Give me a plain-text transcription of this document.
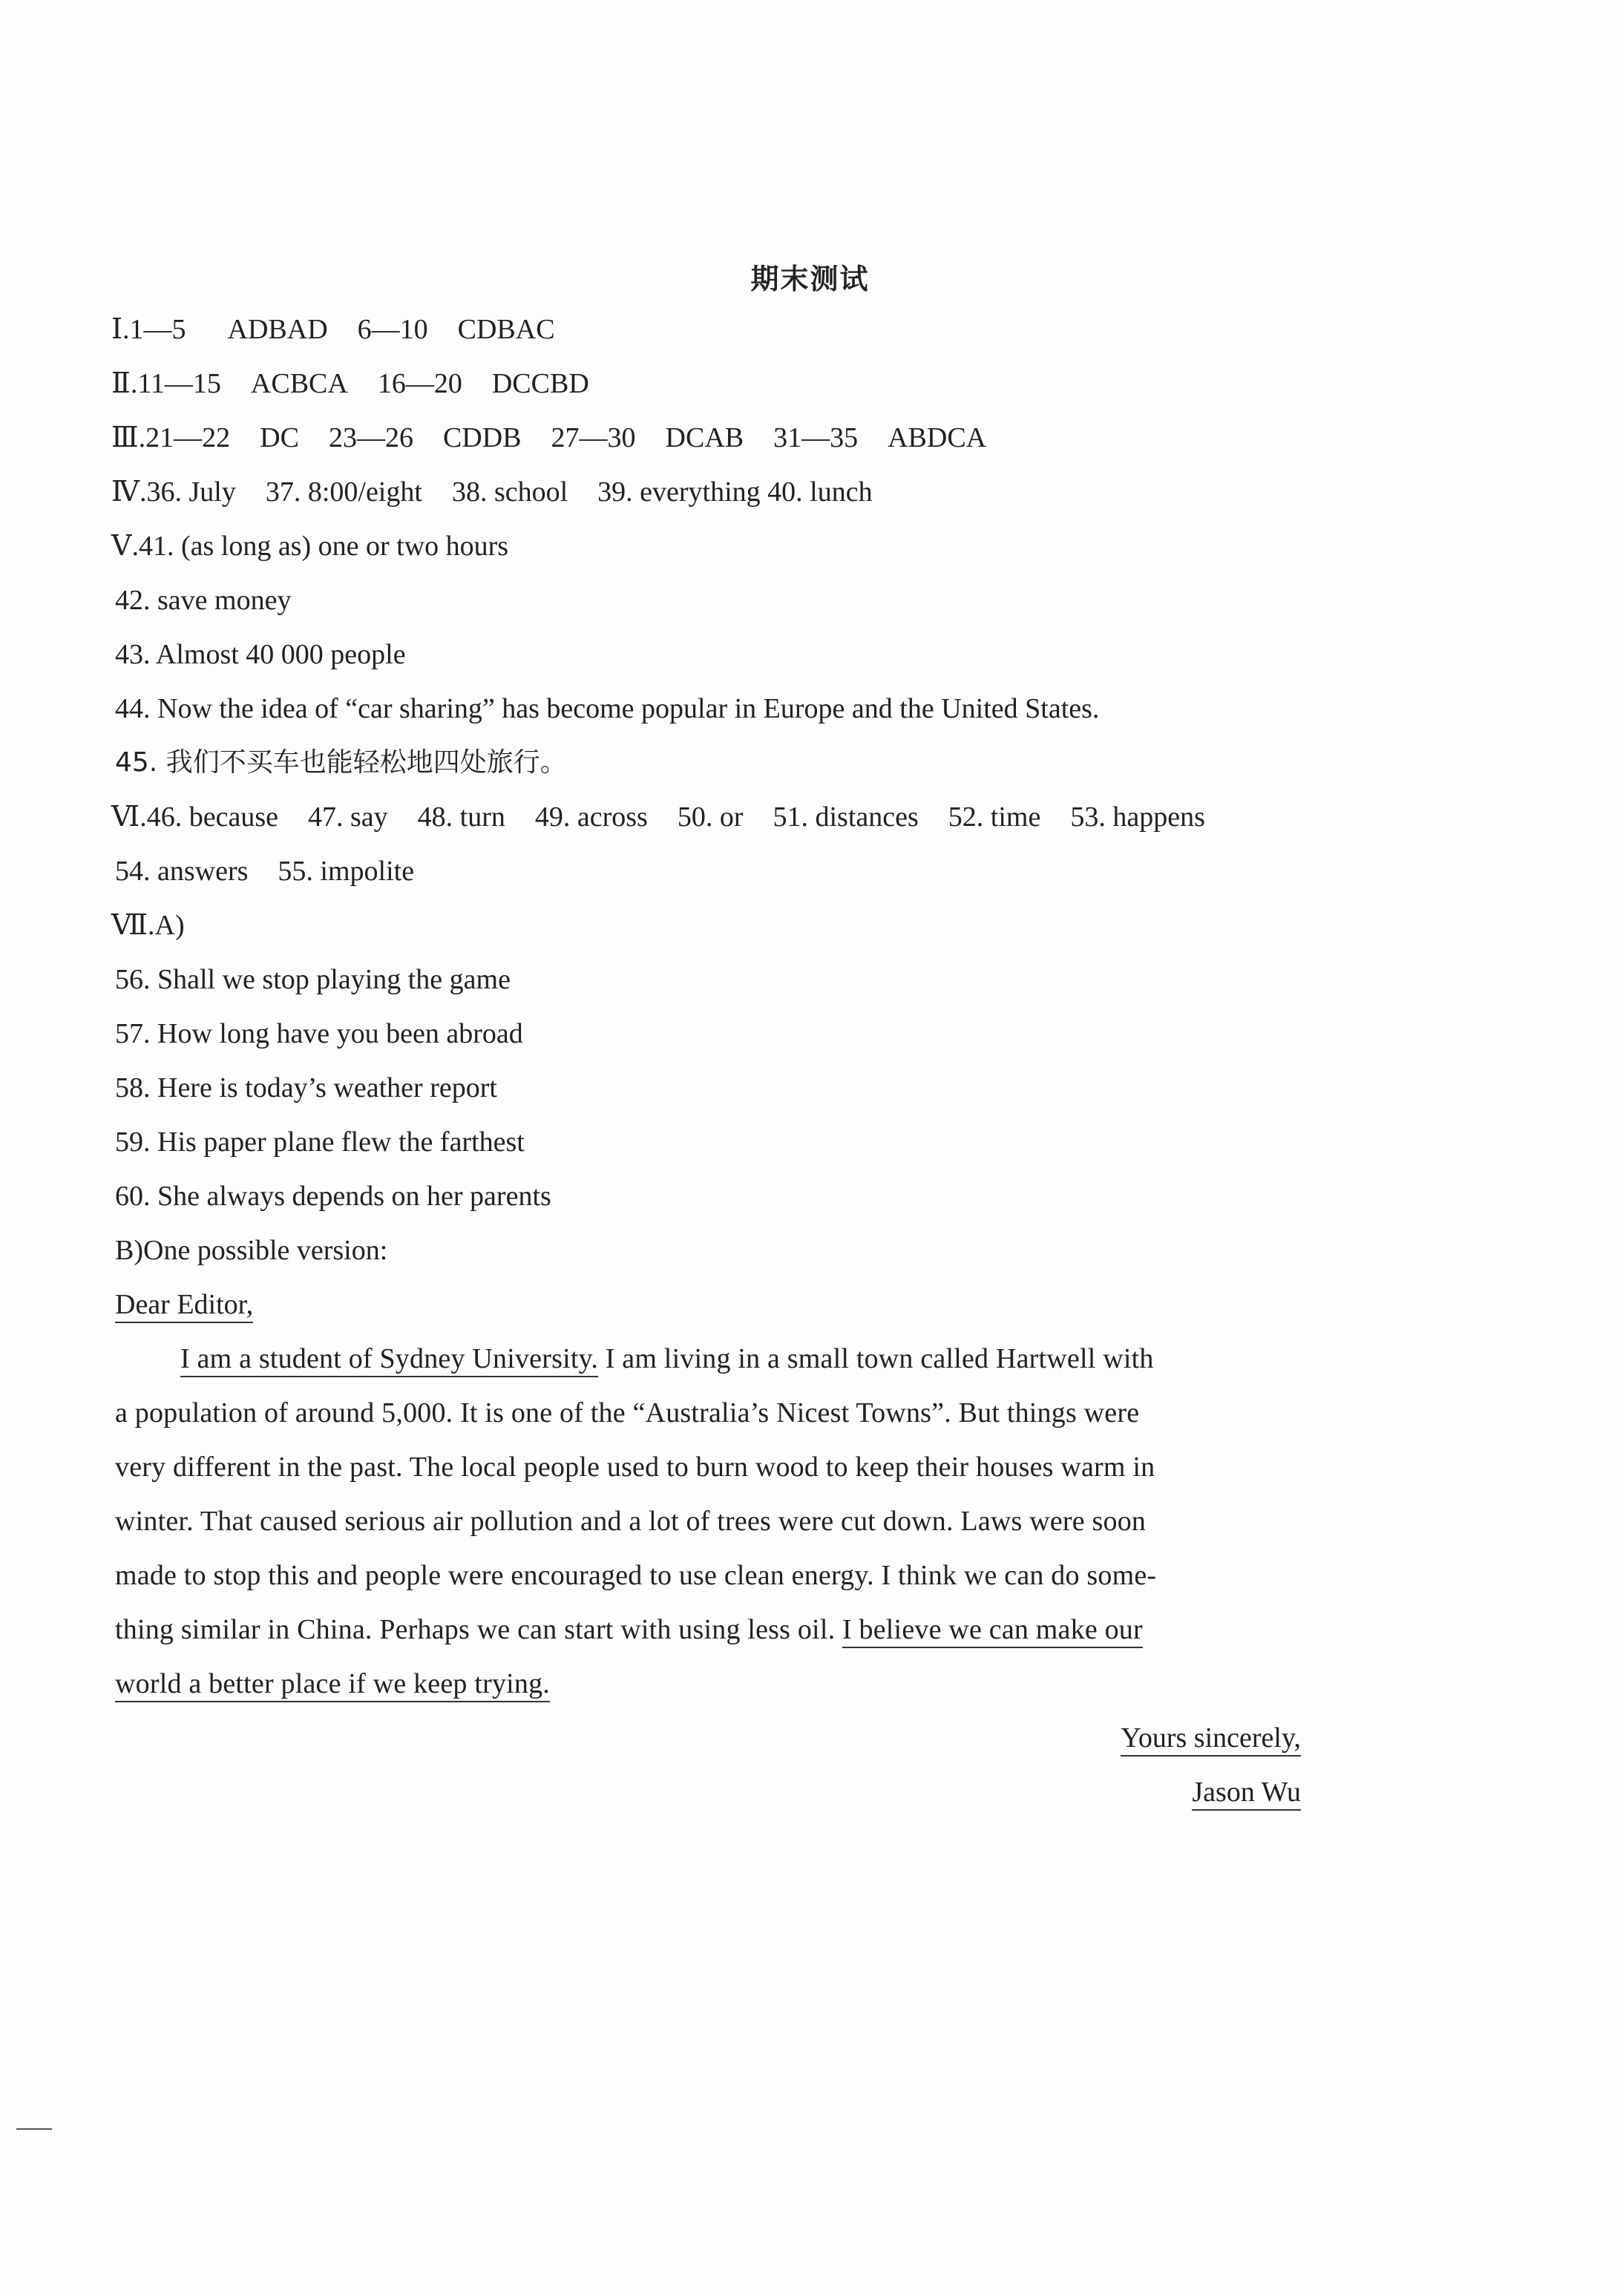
期末测试
Ⅰ.1—5 ADBAD 6—10 CDBAC
Ⅱ.11—15 ACBCA 16—20 DCCBD
Ⅲ.21—22 DC 23—26 CDDB 27—30 DCAB 31—35 ABDCA
Ⅳ.36. July 37. 8:00/eight 38. school 39. everything 40. lunch
Ⅴ.41. (as long as) one or two hours
42. save money
43. Almost 40 000 people
44. Now the idea of “car sharing” has become popular in Europe and the United States.
45. 我们不买车也能轻松地四处旅行。
Ⅵ.46. because 47. say 48. turn 49. across 50. or 51. distances 52. time 53. happens
54. answers 55. impolite
Ⅶ.A)
56. Shall we stop playing the game
57. How long have you been abroad
58. Here is today’s weather report
59. His paper plane flew the farthest
60. She always depends on her parents
B)One possible version:
Dear Editor,
I am a student of Sydney University. I am living in a small town called Hartwell with
a population of around 5,000. It is one of the “Australia’s Nicest Towns”. But things were
very different in the past. The local people used to burn wood to keep their houses warm in
winter. That caused serious air pollution and a lot of trees were cut down. Laws were soon
made to stop this and people were encouraged to use clean energy. I think we can do some-
thing similar in China. Perhaps we can start with using less oil. I believe we can make our
world a better place if we keep trying.
Yours sincerely,
Jason Wu
